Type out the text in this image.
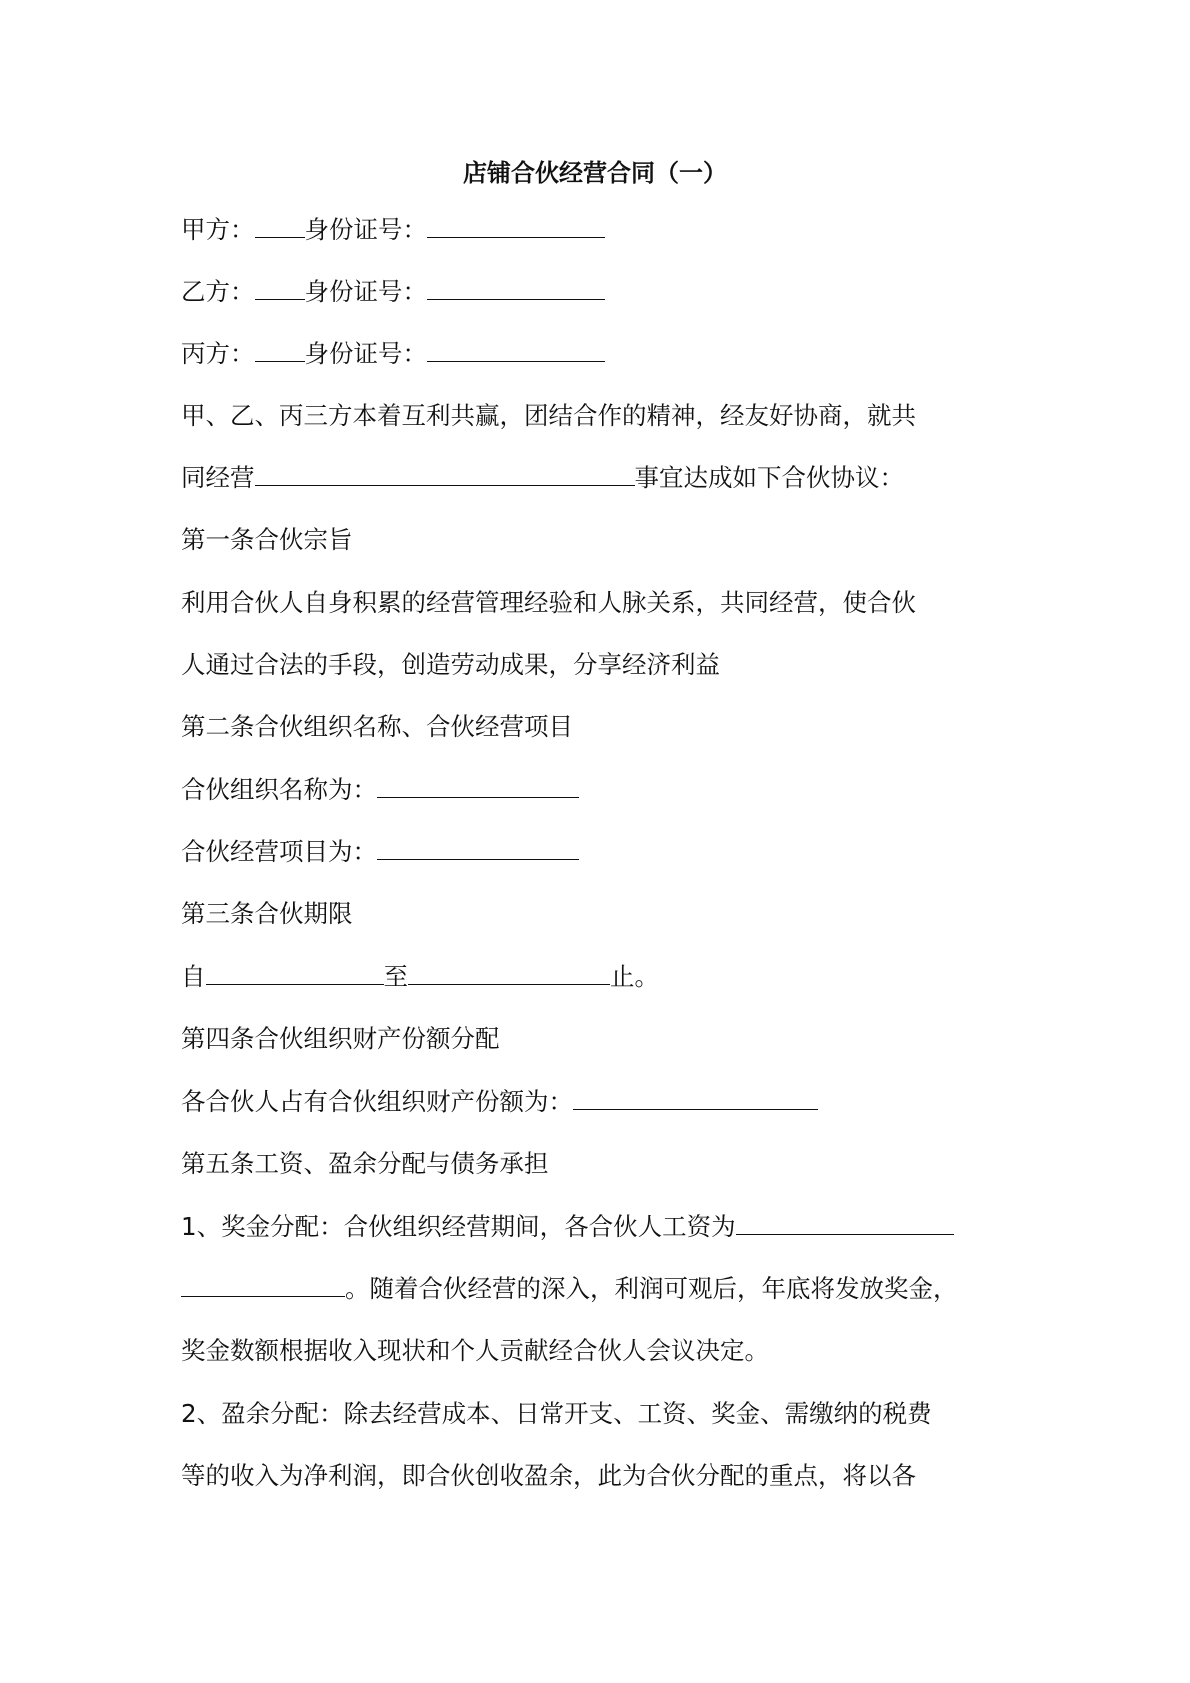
店铺合伙经营合同（一）
甲方： 身份证号：
乙方： 身份证号：
丙方： 身份证号：
甲、乙、丙三方本着互利共赢，团结合作的精神，经友好协商，就共
同经营	事宜达成如下合伙协议：
第一条合伙宗旨
利用合伙人自身积累的经营管理经验和人脉关系，共同经营，使合伙
人通过合法的手段，创造劳动成果，分享经济利益
第二条合伙组织名称、合伙经营项目
合伙组织名称为：
合伙经营项目为：
第三条合伙期限
自	至	止。
第四条合伙组织财产份额分配
各合伙人占有合伙组织财产份额为：
第五条工资、盈余分配与债务承担
1、奖金分配：合伙组织经营期间，各合伙人工资为
。随着合伙经营的深入，利润可观后，年底将发放奖金，
奖金数额根据收入现状和个人贡献经合伙人会议决定。
2、盈余分配：除去经营成本、日常开支、工资、奖金、需缴纳的税费
等的收入为净利润，即合伙创收盈余，此为合伙分配的重点，将以各
